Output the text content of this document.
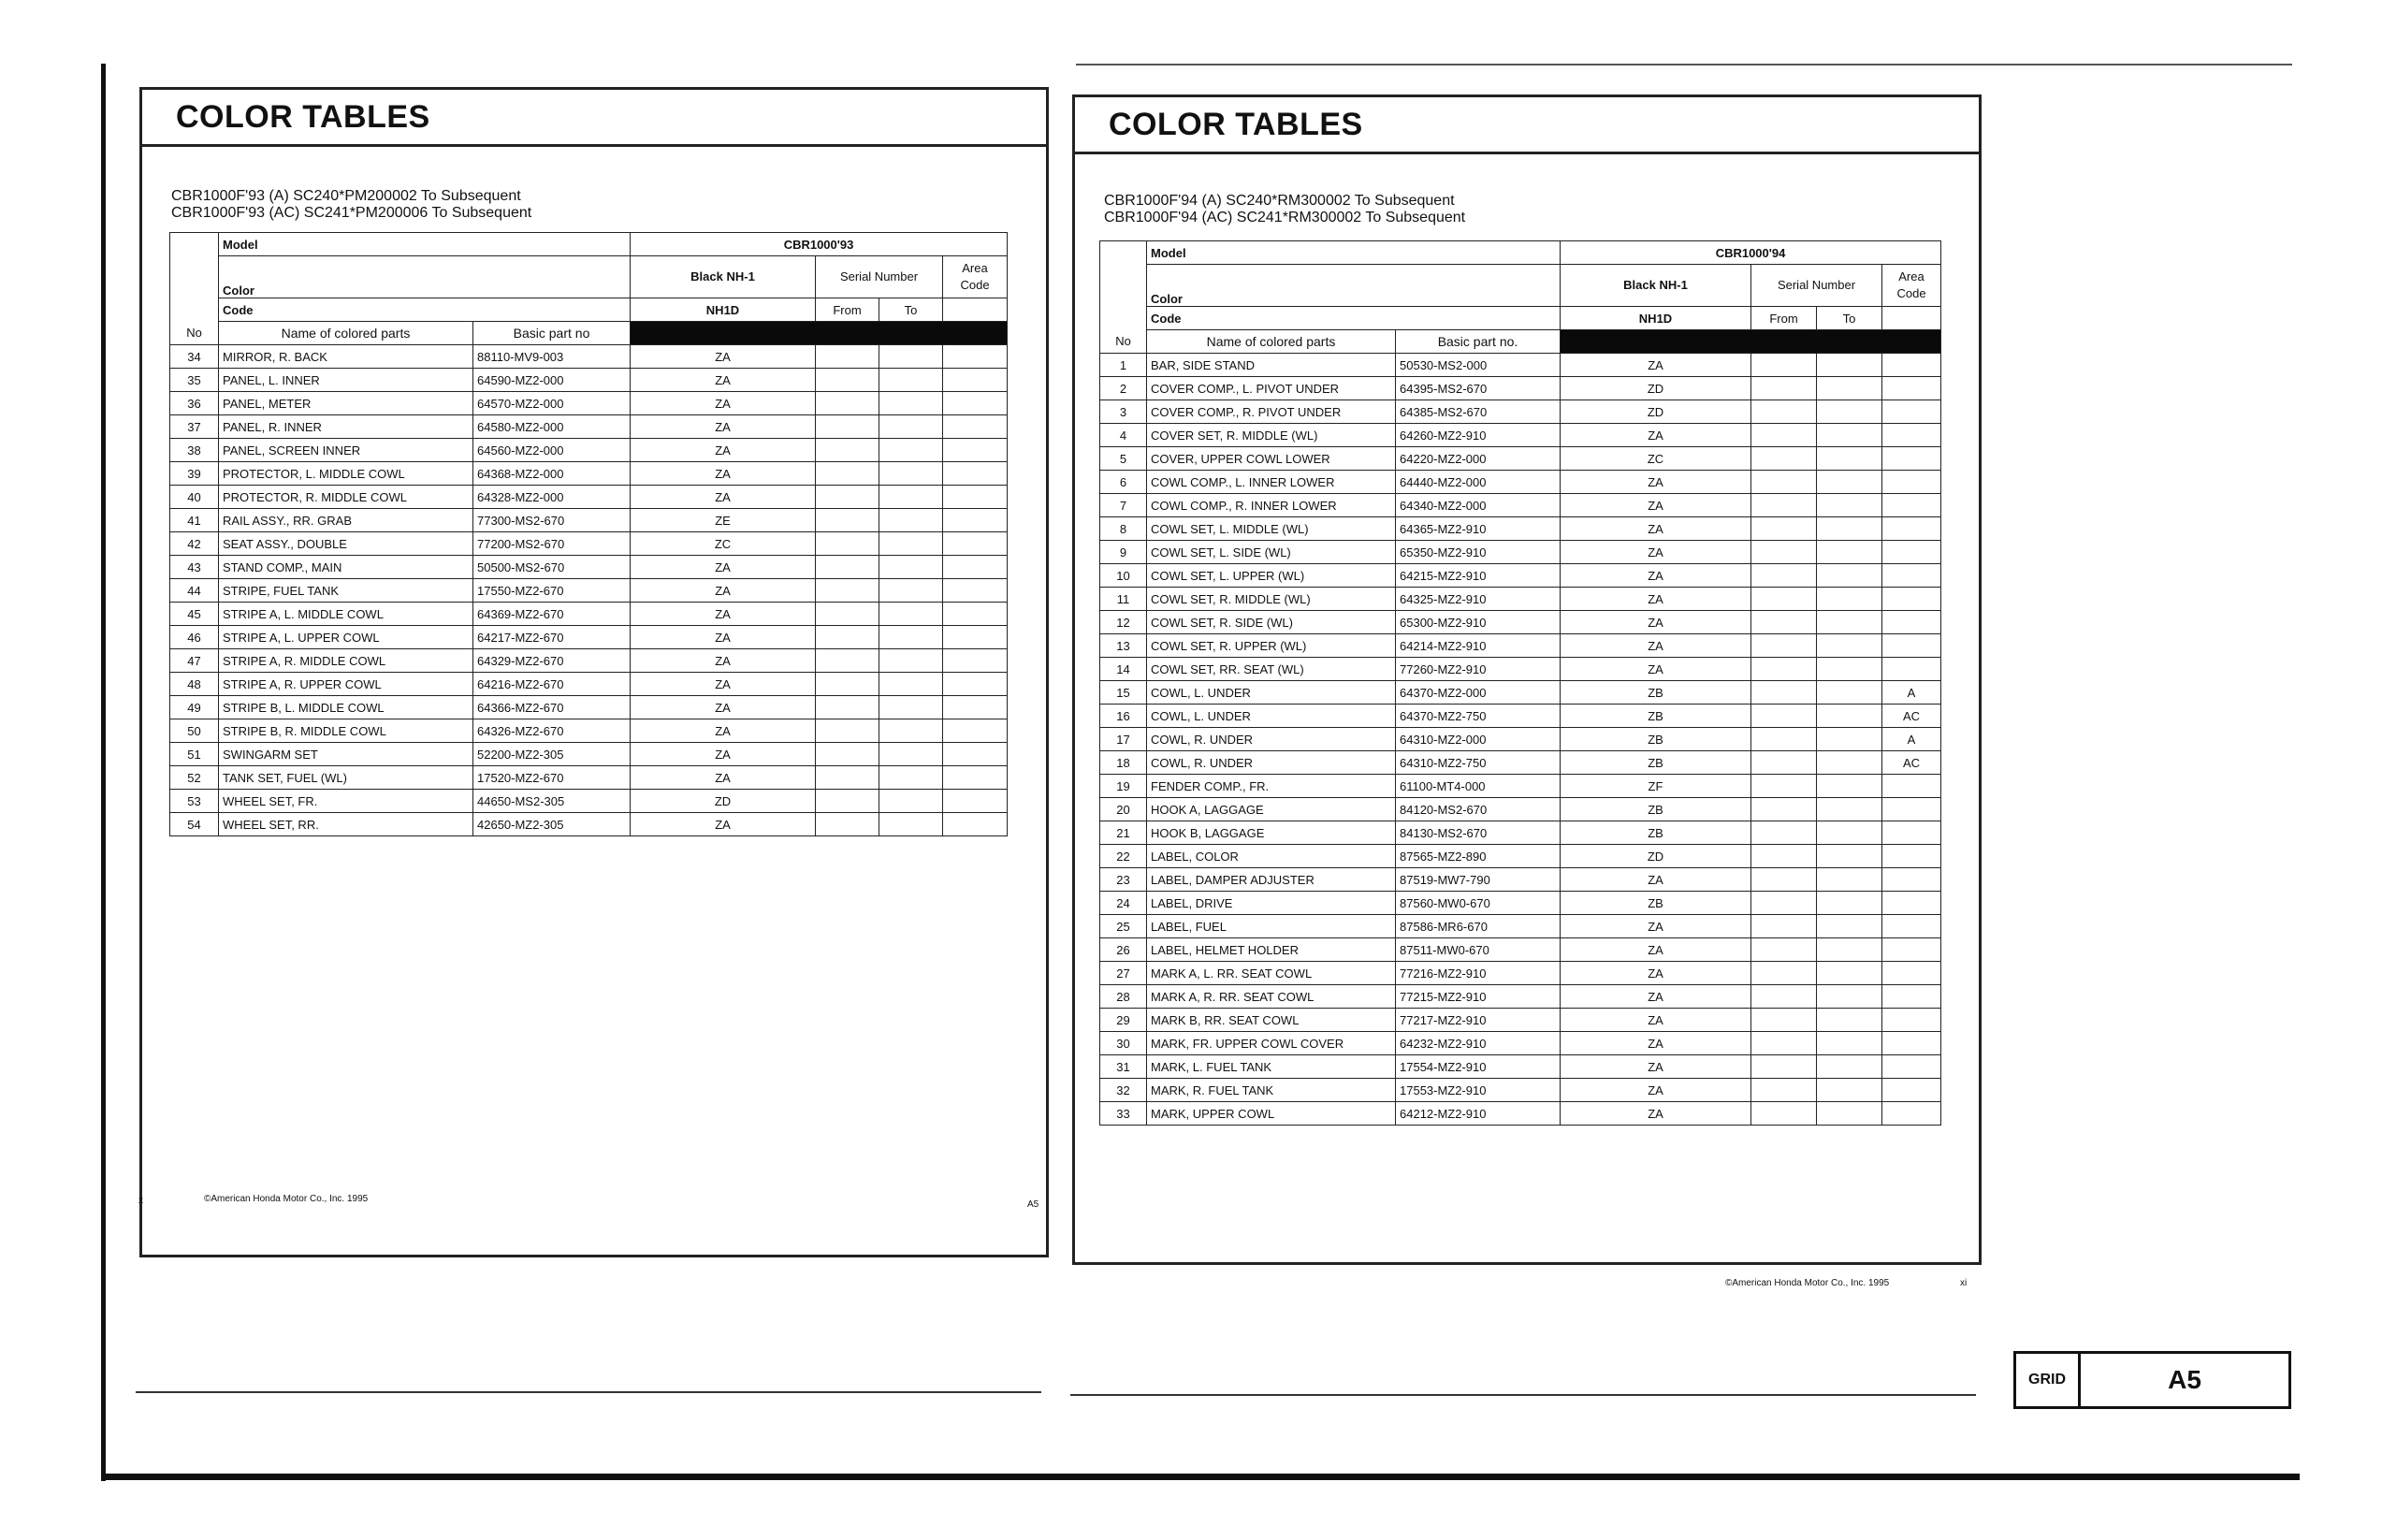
COLOR TABLES
CBR1000F'93 (A) SC240*PM200002 To Subsequent
CBR1000F'93 (AC) SC241*PM200006 To Subsequent
	Model		CBR1000'93			
	Color		Black NH-1	Serial Number		Area Code
	Code		NH1D	From	To	
No	Name of colored parts	Basic part no				
34	MIRROR, R. BACK	88110-MV9-003	ZA			
35	PANEL, L. INNER	64590-MZ2-000	ZA			
36	PANEL, METER	64570-MZ2-000	ZA			
37	PANEL, R. INNER	64580-MZ2-000	ZA			
38	PANEL, SCREEN INNER	64560-MZ2-000	ZA			
39	PROTECTOR, L. MIDDLE COWL	64368-MZ2-000	ZA			
40	PROTECTOR, R. MIDDLE COWL	64328-MZ2-000	ZA			
41	RAIL ASSY., RR. GRAB	77300-MS2-670	ZE			
42	SEAT ASSY., DOUBLE	77200-MS2-670	ZC			
43	STAND COMP., MAIN	50500-MS2-670	ZA			
44	STRIPE, FUEL TANK	17550-MZ2-670	ZA			
45	STRIPE A, L. MIDDLE COWL	64369-MZ2-670	ZA			
46	STRIPE A, L. UPPER COWL	64217-MZ2-670	ZA			
47	STRIPE A, R. MIDDLE COWL	64329-MZ2-670	ZA			
48	STRIPE A, R. UPPER COWL	64216-MZ2-670	ZA			
49	STRIPE B, L. MIDDLE COWL	64366-MZ2-670	ZA			
50	STRIPE B, R. MIDDLE COWL	64326-MZ2-670	ZA			
51	SWINGARM SET	52200-MZ2-305	ZA			
52	TANK SET, FUEL (WL)	17520-MZ2-670	ZA			
53	WHEEL SET, FR.	44650-MS2-305	ZD			
54	WHEEL SET, RR.	42650-MZ2-305	ZA			
x	©American Honda Motor Co., Inc. 1995
A5
COLOR TABLES
CBR1000F'94 (A) SC240*RM300002 To Subsequent
CBR1000F'94 (AC) SC241*RM300002 To Subsequent
	Model		CBR1000'94			
	Color		Black NH-1	Serial Number		Area Code
	Code		NH1D	From	To	
No	Name of colored parts	Basic part no.				
1	BAR, SIDE STAND	50530-MS2-000	ZA			
2	COVER COMP., L. PIVOT UNDER	64395-MS2-670	ZD			
3	COVER COMP., R. PIVOT UNDER	64385-MS2-670	ZD			
4	COVER SET, R. MIDDLE (WL)	64260-MZ2-910	ZA			
5	COVER, UPPER COWL LOWER	64220-MZ2-000	ZC			
6	COWL COMP., L. INNER LOWER	64440-MZ2-000	ZA			
7	COWL COMP., R. INNER LOWER	64340-MZ2-000	ZA			
8	COWL SET, L. MIDDLE (WL)	64365-MZ2-910	ZA			
9	COWL SET, L. SIDE (WL)	65350-MZ2-910	ZA			
10	COWL SET, L. UPPER (WL)	64215-MZ2-910	ZA			
11	COWL SET, R. MIDDLE (WL)	64325-MZ2-910	ZA			
12	COWL SET, R. SIDE (WL)	65300-MZ2-910	ZA			
13	COWL SET, R. UPPER (WL)	64214-MZ2-910	ZA			
14	COWL SET, RR. SEAT (WL)	77260-MZ2-910	ZA			
15	COWL, L. UNDER	64370-MZ2-000	ZB			A
16	COWL, L. UNDER	64370-MZ2-750	ZB			AC
17	COWL, R. UNDER	64310-MZ2-000	ZB			A
18	COWL, R. UNDER	64310-MZ2-750	ZB			AC
19	FENDER COMP., FR.	61100-MT4-000	ZF			
20	HOOK A, LAGGAGE	84120-MS2-670	ZB			
21	HOOK B, LAGGAGE	84130-MS2-670	ZB			
22	LABEL, COLOR	87565-MZ2-890	ZD			
23	LABEL, DAMPER ADJUSTER	87519-MW7-790	ZA			
24	LABEL, DRIVE	87560-MW0-670	ZB			
25	LABEL, FUEL	87586-MR6-670	ZA			
26	LABEL, HELMET HOLDER	87511-MW0-670	ZA			
27	MARK A, L. RR. SEAT COWL	77216-MZ2-910	ZA			
28	MARK A, R. RR. SEAT COWL	77215-MZ2-910	ZA			
29	MARK B, RR. SEAT COWL	77217-MZ2-910	ZA			
30	MARK, FR. UPPER COWL COVER	64232-MZ2-910	ZA			
31	MARK, L. FUEL TANK	17554-MZ2-910	ZA			
32	MARK, R. FUEL TANK	17553-MZ2-910	ZA			
33	MARK, UPPER COWL	64212-MZ2-910	ZA			
©American Honda Motor Co., Inc. 1995	xi
GRID	A5
